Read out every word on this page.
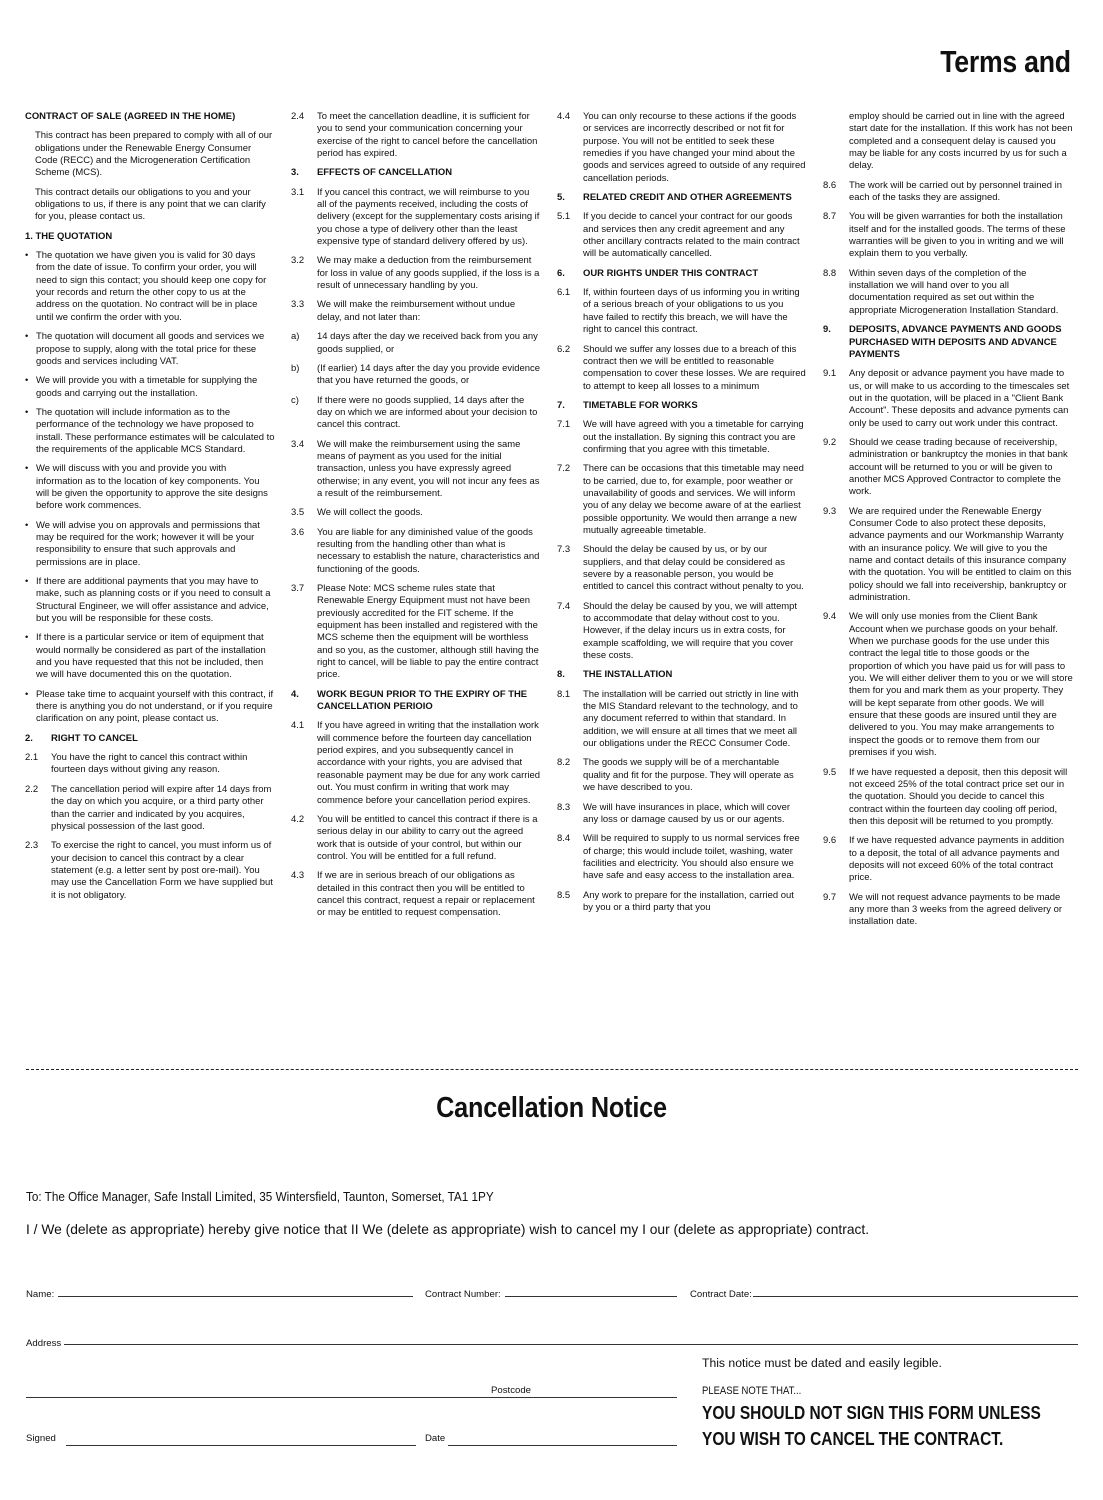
Terms and
CONTRACT OF SALE (AGREED IN THE HOME)
This contract has been prepared to comply with all of our obligations under the Renewable Energy Consumer Code (RECC) and the Microgeneration Certification Scheme (MCS).
This contract details our obligations to you and your obligations to us, if there is any point that we can clarify for you, please contact us.
1. THE QUOTATION
• The quotation we have given you is valid for 30 days from the date of issue. To confirm your order, you will need to sign this contact; you should keep one copy for your records and return the other copy to us at the address on the quotation. No contract will be in place until we confirm the order with you.
• The quotation will document all goods and services we propose to supply, along with the total price for these goods and services including VAT.
• We will provide you with a timetable for supplying the goods and carrying out the installation.
• The quotation will include information as to the performance of the technology we have proposed to install. These performance estimates will be calculated to the requirements of the applicable MCS Standard.
• We will discuss with you and provide you with information as to the location of key components. You will be given the opportunity to approve the site designs before work commences.
• We will advise you on approvals and permissions that may be required for the work; however it will be your responsibility to ensure that such approvals and permissions are in place.
• If there are additional payments that you may have to make, such as planning costs or if you need to consult a Structural Engineer, we will offer assistance and advice, but you will be responsible for these costs.
• If there is a particular service or item of equipment that would normally be considered as part of the installation and you have requested that this not be included, then we will have documented this on the quotation.
• Please take time to acquaint yourself with this contract, if there is anything you do not understand, or if you require clarification on any point, please contact us.
2.	RIGHT TO CANCEL
2.1	You have the right to cancel this contract within fourteen days without giving any reason.
2.2	The cancellation period will expire after 14 days from the day on which you acquire, or a third party other than the carrier and indicated by you acquires, physical possession of the last good.
2.3	To exercise the right to cancel, you must inform us of your decision to cancel this contract by a clear statement (e.g. a letter sent by post ore-mail). You may use the Cancellation Form we have supplied but it is not obligatory.
2.4	To meet the cancellation deadline, it is sufficient for you to send your communication concerning your exercise of the right to cancel before the cancellation period has expired.
3.	EFFECTS OF CANCELLATION
3.1	If you cancel this contract, we will reimburse to you all of the payments received, including the costs of delivery (except for the supplementary costs arising if you chose a type of delivery other than the least expensive type of standard delivery offered by us).
3.2	We may make a deduction from the reimbursement for loss in value of any goods supplied, if the loss is a result of unnecessary handling by you.
3.3	We will make the reimbursement without undue delay, and not later than:
a)	14 days after the day we received back from you any goods supplied, or
b)	(If earlier) 14 days after the day you provide evidence that you have returned the goods, or
c)	If there were no goods supplied, 14 days after the day on which we are informed about your decision to cancel this contract.
3.4	We will make the reimbursement using the same means of payment as you used for the initial transaction, unless you have expressly agreed otherwise; in any event, you will not incur any fees as a result of the reimbursement.
3.5	We will collect the goods.
3.6	You are liable for any diminished value of the goods resulting from the handling other than what is necessary to establish the nature, characteristics and functioning of the goods.
3.7	Please Note: MCS scheme rules state that Renewable Energy Equipment must not have been previously accredited for the FIT scheme. If the equipment has been installed and registered with the MCS scheme then the equipment will be worthless and so you, as the customer, although still having the right to cancel, will be liable to pay the entire contract price.
4.	WORK BEGUN PRIOR TO THE EXPIRY OF THE CANCELLATION PERIOIO
4.1	If you have agreed in writing that the installation work will commence before the fourteen day cancellation period expires, and you subsequently cancel in accordance with your rights, you are advised that reasonable payment may be due for any work carried out. You must confirm in writing that work may commence before your cancellation period expires.
4.2	You will be entitled to cancel this contract if there is a serious delay in our ability to carry out the agreed work that is outside of your control, but within our control. You will be entitled for a full refund.
4.3	If we are in serious breach of our obligations as detailed in this contract then you will be entitled to cancel this contract, request a repair or replacement or may be entitled to request compensation.
4.4	You can only recourse to these actions if the goods or services are incorrectly described or not fit for purpose. You will not be entitled to seek these remedies if you have changed your mind about the goods and services agreed to outside of any required cancellation periods.
5.	RELATED CREDIT AND OTHER AGREEMENTS
5.1	If you decide to cancel your contract for our goods and services then any credit agreement and any other ancillary contracts related to the main contract will be automatically cancelled.
6.	OUR RIGHTS UNDER THIS CONTRACT
6.1	If, within fourteen days of us informing you in writing of a serious breach of your obligations to us you have failed to rectify this breach, we will have the right to cancel this contract.
6.2	Should we suffer any losses due to a breach of this contract then we will be entitled to reasonable compensation to cover these losses. We are required to attempt to keep all losses to a minimum
7.	TIMETABLE FOR WORKS
7.1	We will have agreed with you a timetable for carrying out the installation. By signing this contract you are confirming that you agree with this timetable.
7.2	There can be occasions that this timetable may need to be carried, due to, for example, poor weather or unavailability of goods and services. We will inform you of any delay we become aware of at the earliest possible opportunity. We would then arrange a new mutually agreeable timetable.
7.3	Should the delay be caused by us, or by our suppliers, and that delay could be considered as severe by a reasonable person, you would be entitled to cancel this contract without penalty to you.
7.4	Should the delay be caused by you, we will attempt to accommodate that delay without cost to you. However, if the delay incurs us in extra costs, for example scaffolding, we will require that you cover these costs.
8.	THE INSTALLATION
8.1	The installation will be carried out strictly in line with the MIS Standard relevant to the technology, and to any document referred to within that standard. In addition, we will ensure at all times that we meet all our obligations under the RECC Consumer Code.
8.2	The goods we supply will be of a merchantable quality and fit for the purpose. They will operate as we have described to you.
8.3	We will have insurances in place, which will cover any loss or damage caused by us or our agents.
8.4	Will be required to supply to us normal services free of charge; this would include toilet, washing, water facilities and electricity. You should also ensure we have safe and easy access to the installation area.
8.5	Any work to prepare for the installation, carried out by you or a third party that you
employ should be carried out in line with the agreed start date for the installation. If this work has not been completed and a consequent delay is caused you may be liable for any costs incurred by us for such a delay.
8.6	The work will be carried out by personnel trained in each of the tasks they are assigned.
8.7	You will be given warranties for both the installation itself and for the installed goods. The terms of these warranties will be given to you in writing and we will explain them to you verbally.
8.8	Within seven days of the completion of the installation we will hand over to you all documentation required as set out within the appropriate Microgeneration Installation Standard.
9.	DEPOSITS, ADVANCE PAYMENTS AND GOODS PURCHASED WITH DEPOSITS AND ADVANCE PAYMENTS
9.1	Any deposit or advance payment you have made to us, or will make to us according to the timescales set out in the quotation, will be placed in a "Client Bank Account". These deposits and advance pyments can only be used to carry out work under this contract.
9.2	Should we cease trading because of receivership, administration or bankruptcy the monies in that bank account will be returned to you or will be given to another MCS Approved Contractor to complete the work.
9.3	We are required under the Renewable Energy Consumer Code to also protect these deposits, advance payments and our Workmanship Warranty with an insurance policy. We will give to you the name and contact details of this insurance company with the quotation. You will be entitled to claim on this policy should we fall into receivership, bankruptcy or administration.
9.4	We will only use monies from the Client Bank Account when we purchase goods on your behalf. When we purchase goods for the use under this contract the legal title to those goods or the proportion of which you have paid us for will pass to you. We will either deliver them to you or we will store them for you and mark them as your property. They will be kept separate from other goods. We will ensure that these goods are insured until they are delivered to you. You may make arrangements to inspect the goods or to remove them from our premises if you wish.
9.5	If we have requested a deposit, then this deposit will not exceed 25% of the total contract price set our in the quotation. Should you decide to cancel this contract within the fourteen day cooling off period, then this deposit will be returned to you promptly.
9.6	If we have requested advance payments in addition to a deposit, the total of all advance payments and deposits will not exceed 60% of the total contract price.
9.7	We will not request advance payments to be made any more than 3 weeks from the agreed delivery or installation date.
Cancellation Notice
To: The Office Manager, Safe Install Limited, 35 Wintersfield, Taunton, Somerset, TA1 1PY
I / We (delete as appropriate) hereby give notice that II We (delete as appropriate) wish to cancel my I our (delete as appropriate) contract.
Name:	Contract Number:	Contract Date:
Address
Postcode
Signed	Date
This notice must be dated and easily legible.
PLEASE NOTE THAT...
YOU SHOULD NOT SIGN THIS FORM UNLESS
YOU WISH TO CANCEL THE CONTRACT.
